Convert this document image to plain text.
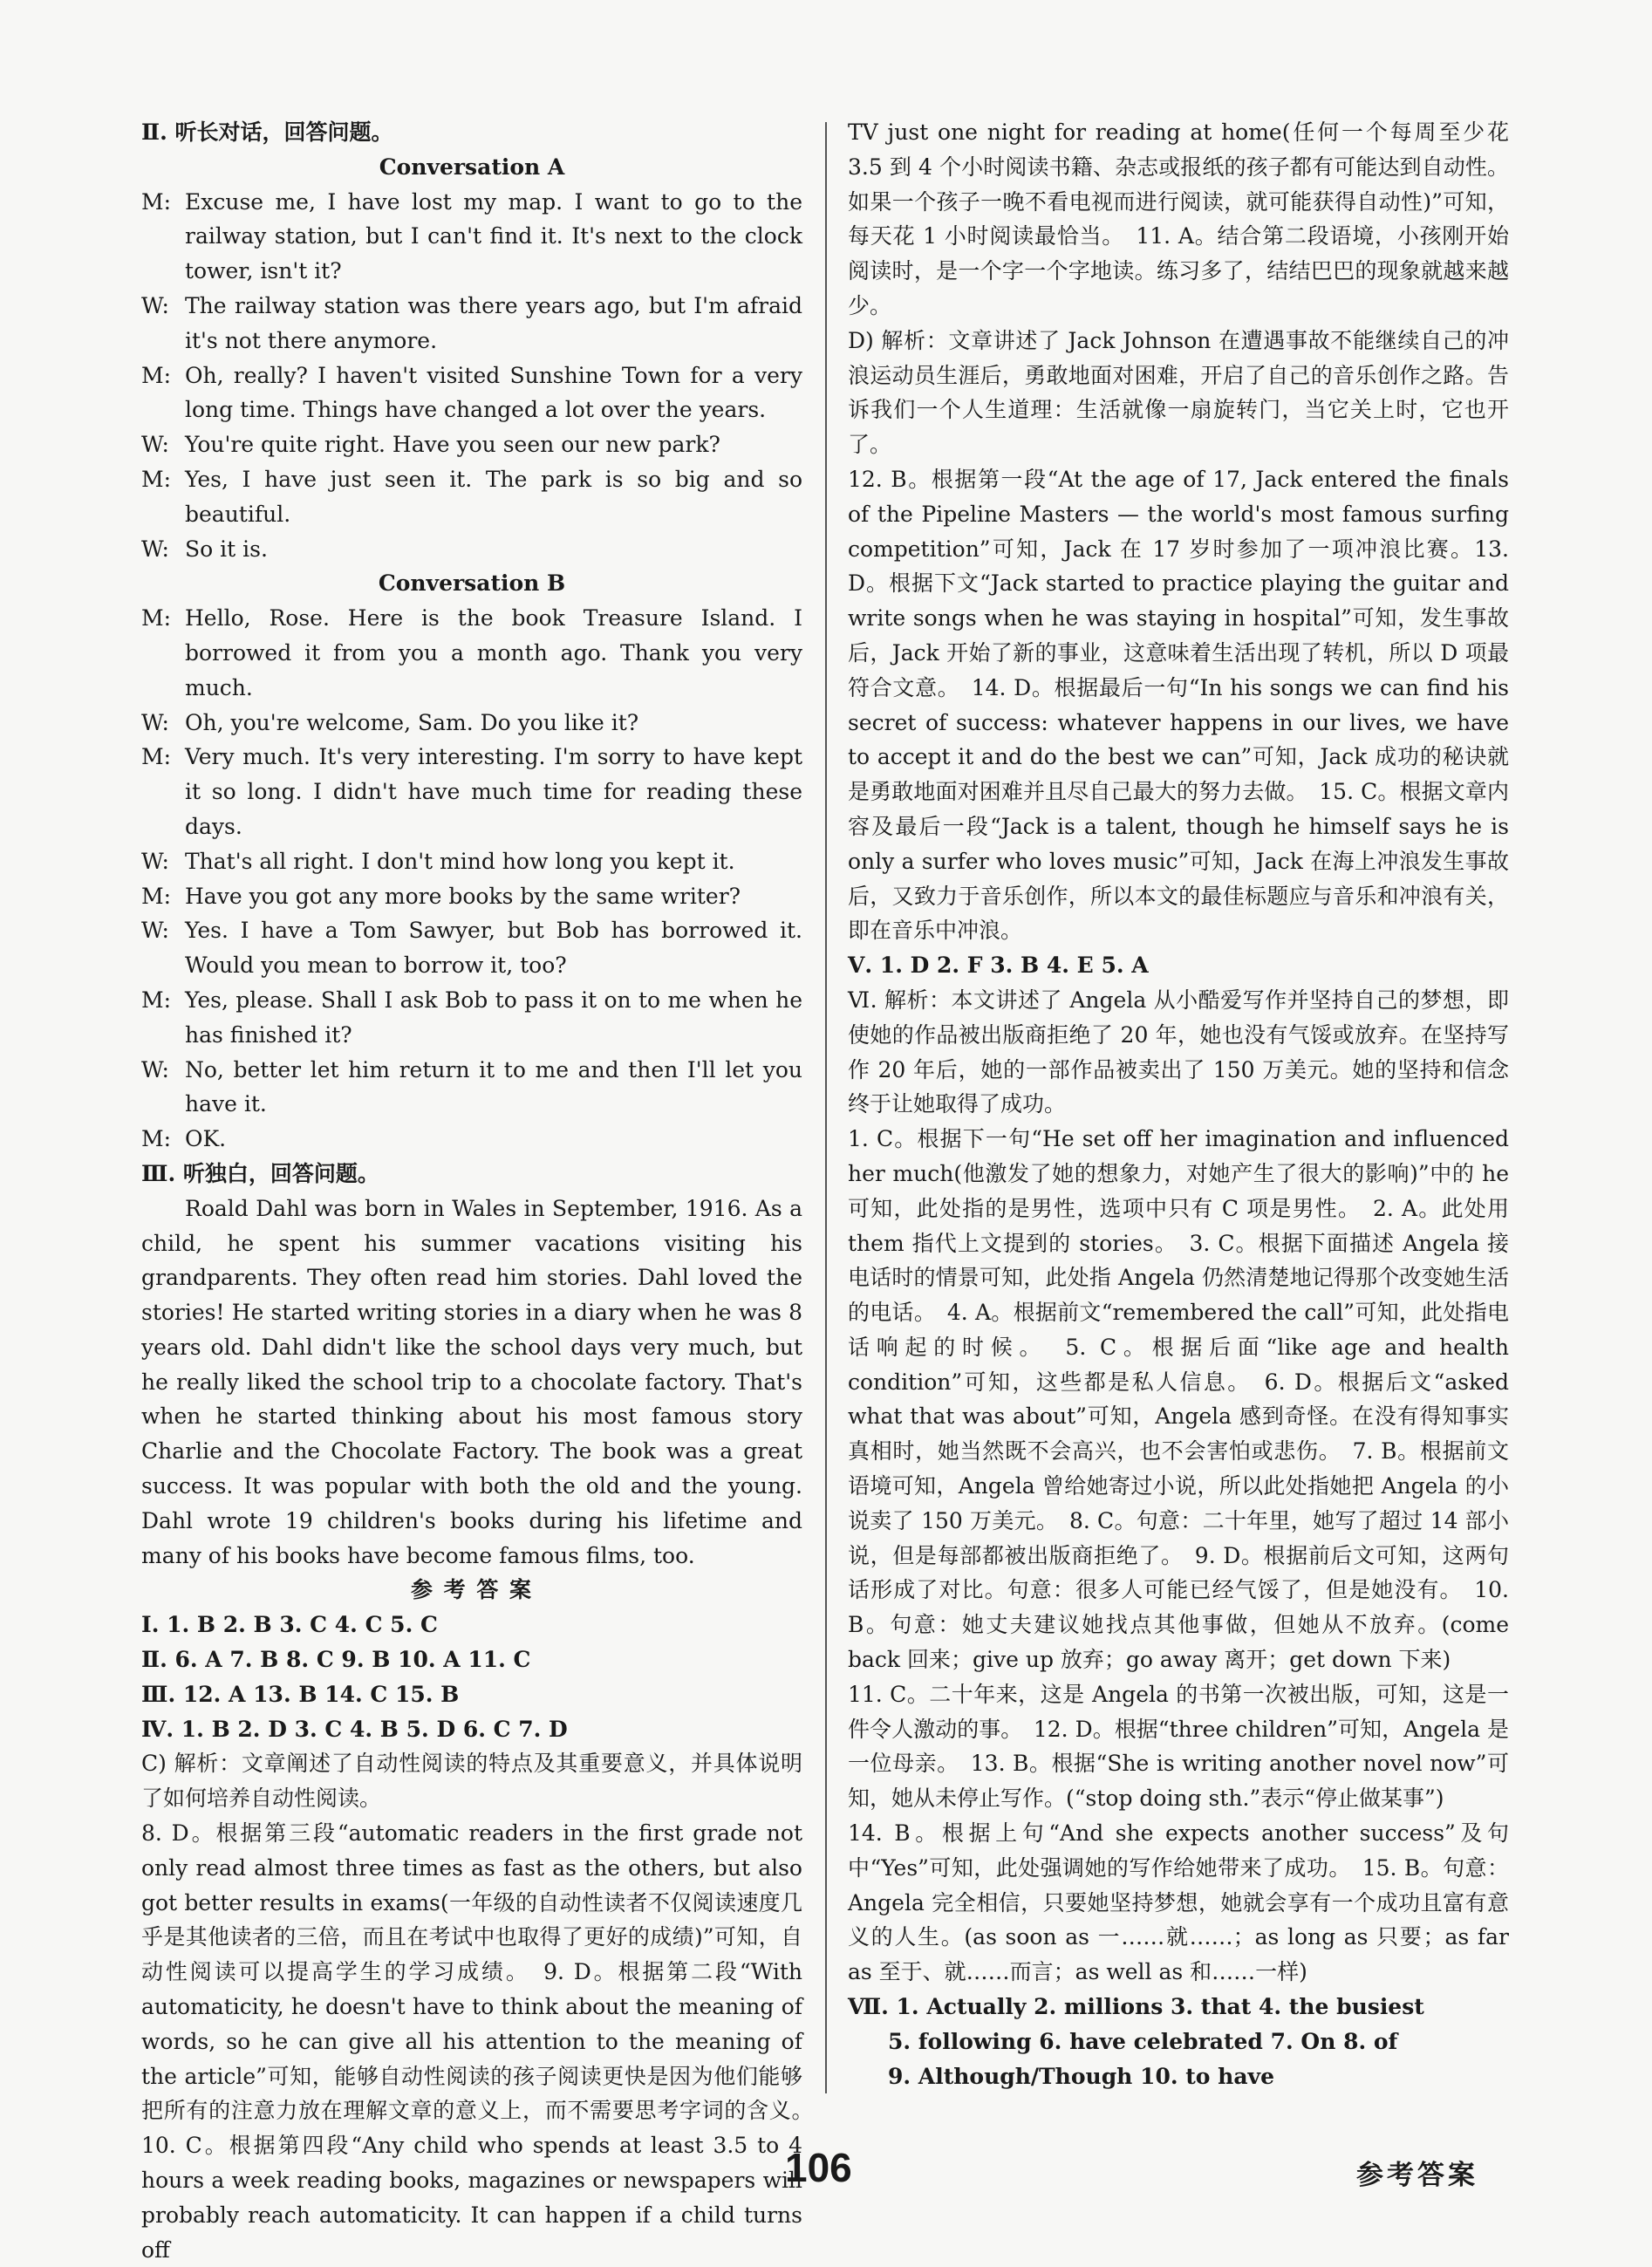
Ⅱ. 听长对话，回答问题。

Conversation A

M: Excuse me, I have lost my map. I want to go to the railway station, but I can't find it. It's next to the clock tower, isn't it?
W: The railway station was there years ago, but I'm afraid it's not there anymore.
M: Oh, really? I haven't visited Sunshine Town for a very long time. Things have changed a lot over the years.
W: You're quite right. Have you seen our new park?
M: Yes, I have just seen it. The park is so big and so beautiful.
W: So it is.

Conversation B

M: Hello, Rose. Here is the book Treasure Island. I borrowed it from you a month ago. Thank you very much.
W: Oh, you're welcome, Sam. Do you like it?
M: Very much. It's very interesting. I'm sorry to have kept it so long. I didn't have much time for reading these days.
W: That's all right. I don't mind how long you kept it.
M: Have you got any more books by the same writer?
W: Yes. I have a Tom Sawyer, but Bob has borrowed it. Would you mean to borrow it, too?
M: Yes, please. Shall I ask Bob to pass it on to me when he has finished it?
W: No, better let him return it to me and then I'll let you have it.
M: OK.

Ⅲ. 听独白，回答问题。

Roald Dahl was born in Wales in September, 1916. As a child, he spent his summer vacations visiting his grandparents. They often read him stories. Dahl loved the stories! He started writing stories in a diary when he was 8 years old. Dahl didn't like the school days very much, but he really liked the school trip to a chocolate factory. That's when he started thinking about his most famous story Charlie and the Chocolate Factory. The book was a great success. It was popular with both the old and the young. Dahl wrote 19 children's books during his lifetime and many of his books have become famous films, too.

参 考 答 案

Ⅰ. 1. B 2. B 3. C 4. C 5. C

Ⅱ. 6. A 7. B 8. C 9. B 10. A 11. C

Ⅲ. 12. A 13. B 14. C 15. B

Ⅳ. 1. B 2. D 3. C 4. B 5. D 6. C 7. D

C) 解析：文章阐述了自动性阅读的特点及其重要意义，并具体说明了如何培养自动性阅读。

8. D。根据第三段“automatic readers in the first grade not only read almost three times as fast as the others, but also got better results in exams(一年级的自动性读者不仅阅读速度几乎是其他读者的三倍，而且在考试中也取得了更好的成绩)”可知，自动性阅读可以提高学生的学习成绩。　9. D。根据第二段“With automaticity, he doesn't have to think about the meaning of words, so he can give all his attention to the meaning of the article”可知，能够自动性阅读的孩子阅读更快是因为他们能够把所有的注意力放在理解文章的意义上，而不需要思考字词的含义。　10. C。根据第四段“Any child who spends at least 3.5 to 4 hours a week reading books, magazines or newspapers will probably reach automaticity. It can happen if a child turns off

TV just one night for reading at home(任何一个每周至少花 3.5 到 4 个小时阅读书籍、杂志或报纸的孩子都有可能达到自动性。如果一个孩子一晚不看电视而进行阅读，就可能获得自动性)”可知，每天花 1 小时阅读最恰当。　11. A。结合第二段语境，小孩刚开始阅读时，是一个字一个字地读。练习多了，结结巴巴的现象就越来越少。

D) 解析：文章讲述了 Jack Johnson 在遭遇事故不能继续自己的冲浪运动员生涯后，勇敢地面对困难，开启了自己的音乐创作之路。告诉我们一个人生道理：生活就像一扇旋转门，当它关上时，它也开了。

12. B。根据第一段“At the age of 17, Jack entered the finals of the Pipeline Masters — the world's most famous surfing competition”可知，Jack 在 17 岁时参加了一项冲浪比赛。13. D。根据下文“Jack started to practice playing the guitar and write songs when he was staying in hospital”可知，发生事故后，Jack 开始了新的事业，这意味着生活出现了转机，所以 D 项最符合文意。　14. D。根据最后一句“In his songs we can find his secret of success: whatever happens in our lives, we have to accept it and do the best we can”可知，Jack 成功的秘诀就是勇敢地面对困难并且尽自己最大的努力去做。　15. C。根据文章内容及最后一段“Jack is a talent, though he himself says he is only a surfer who loves music”可知，Jack 在海上冲浪发生事故后，又致力于音乐创作，所以本文的最佳标题应与音乐和冲浪有关，即在音乐中冲浪。

Ⅴ. 1. D 2. F 3. B 4. E 5. A

Ⅵ. 解析：本文讲述了 Angela 从小酷爱写作并坚持自己的梦想，即使她的作品被出版商拒绝了 20 年，她也没有气馁或放弃。在坚持写作 20 年后，她的一部作品被卖出了 150 万美元。她的坚持和信念终于让她取得了成功。

1. C。根据下一句“He set off her imagination and influenced her much(他激发了她的想象力，对她产生了很大的影响)”中的 he 可知，此处指的是男性，选项中只有 C 项是男性。　2. A。此处用 them 指代上文提到的 stories。　3. C。根据下面描述 Angela 接电话时的情景可知，此处指 Angela 仍然清楚地记得那个改变她生活的电话。　4. A。根据前文“remembered the call”可知，此处指电话响起的时候。　5. C。根据后面“like age and health condition”可知，这些都是私人信息。　6. D。根据后文“asked what that was about”可知，Angela 感到奇怪。在没有得知事实真相时，她当然既不会高兴，也不会害怕或悲伤。　7. B。根据前文语境可知，Angela 曾给她寄过小说，所以此处指她把 Angela 的小说卖了 150 万美元。　8. C。句意：二十年里，她写了超过 14 部小说，但是每部都被出版商拒绝了。　9. D。根据前后文可知，这两句话形成了对比。句意：很多人可能已经气馁了，但是她没有。　10. B。句意：她丈夫建议她找点其他事做，但她从不放弃。(come back 回来；give up 放弃；go away 离开；get down 下来)

11. C。二十年来，这是 Angela 的书第一次被出版，可知，这是一件令人激动的事。　12. D。根据“three children”可知，Angela 是一位母亲。　13. B。根据“She is writing another novel now”可知，她从未停止写作。(“stop doing sth.”表示“停止做某事”)

14. B。根据上句“And she expects another success”及句中“Yes”可知，此处强调她的写作给她带来了成功。　15. B。句意：Angela 完全相信，只要她坚持梦想，她就会享有一个成功且富有意义的人生。(as soon as 一……就……；as long as 只要；as far as 至于、就……而言；as well as 和……一样)

Ⅶ. 1. Actually 2. millions 3. that 4. the busiest

5. following 6. have celebrated 7. On 8. of

9. Although/Though 10. to have

106	参考答案
